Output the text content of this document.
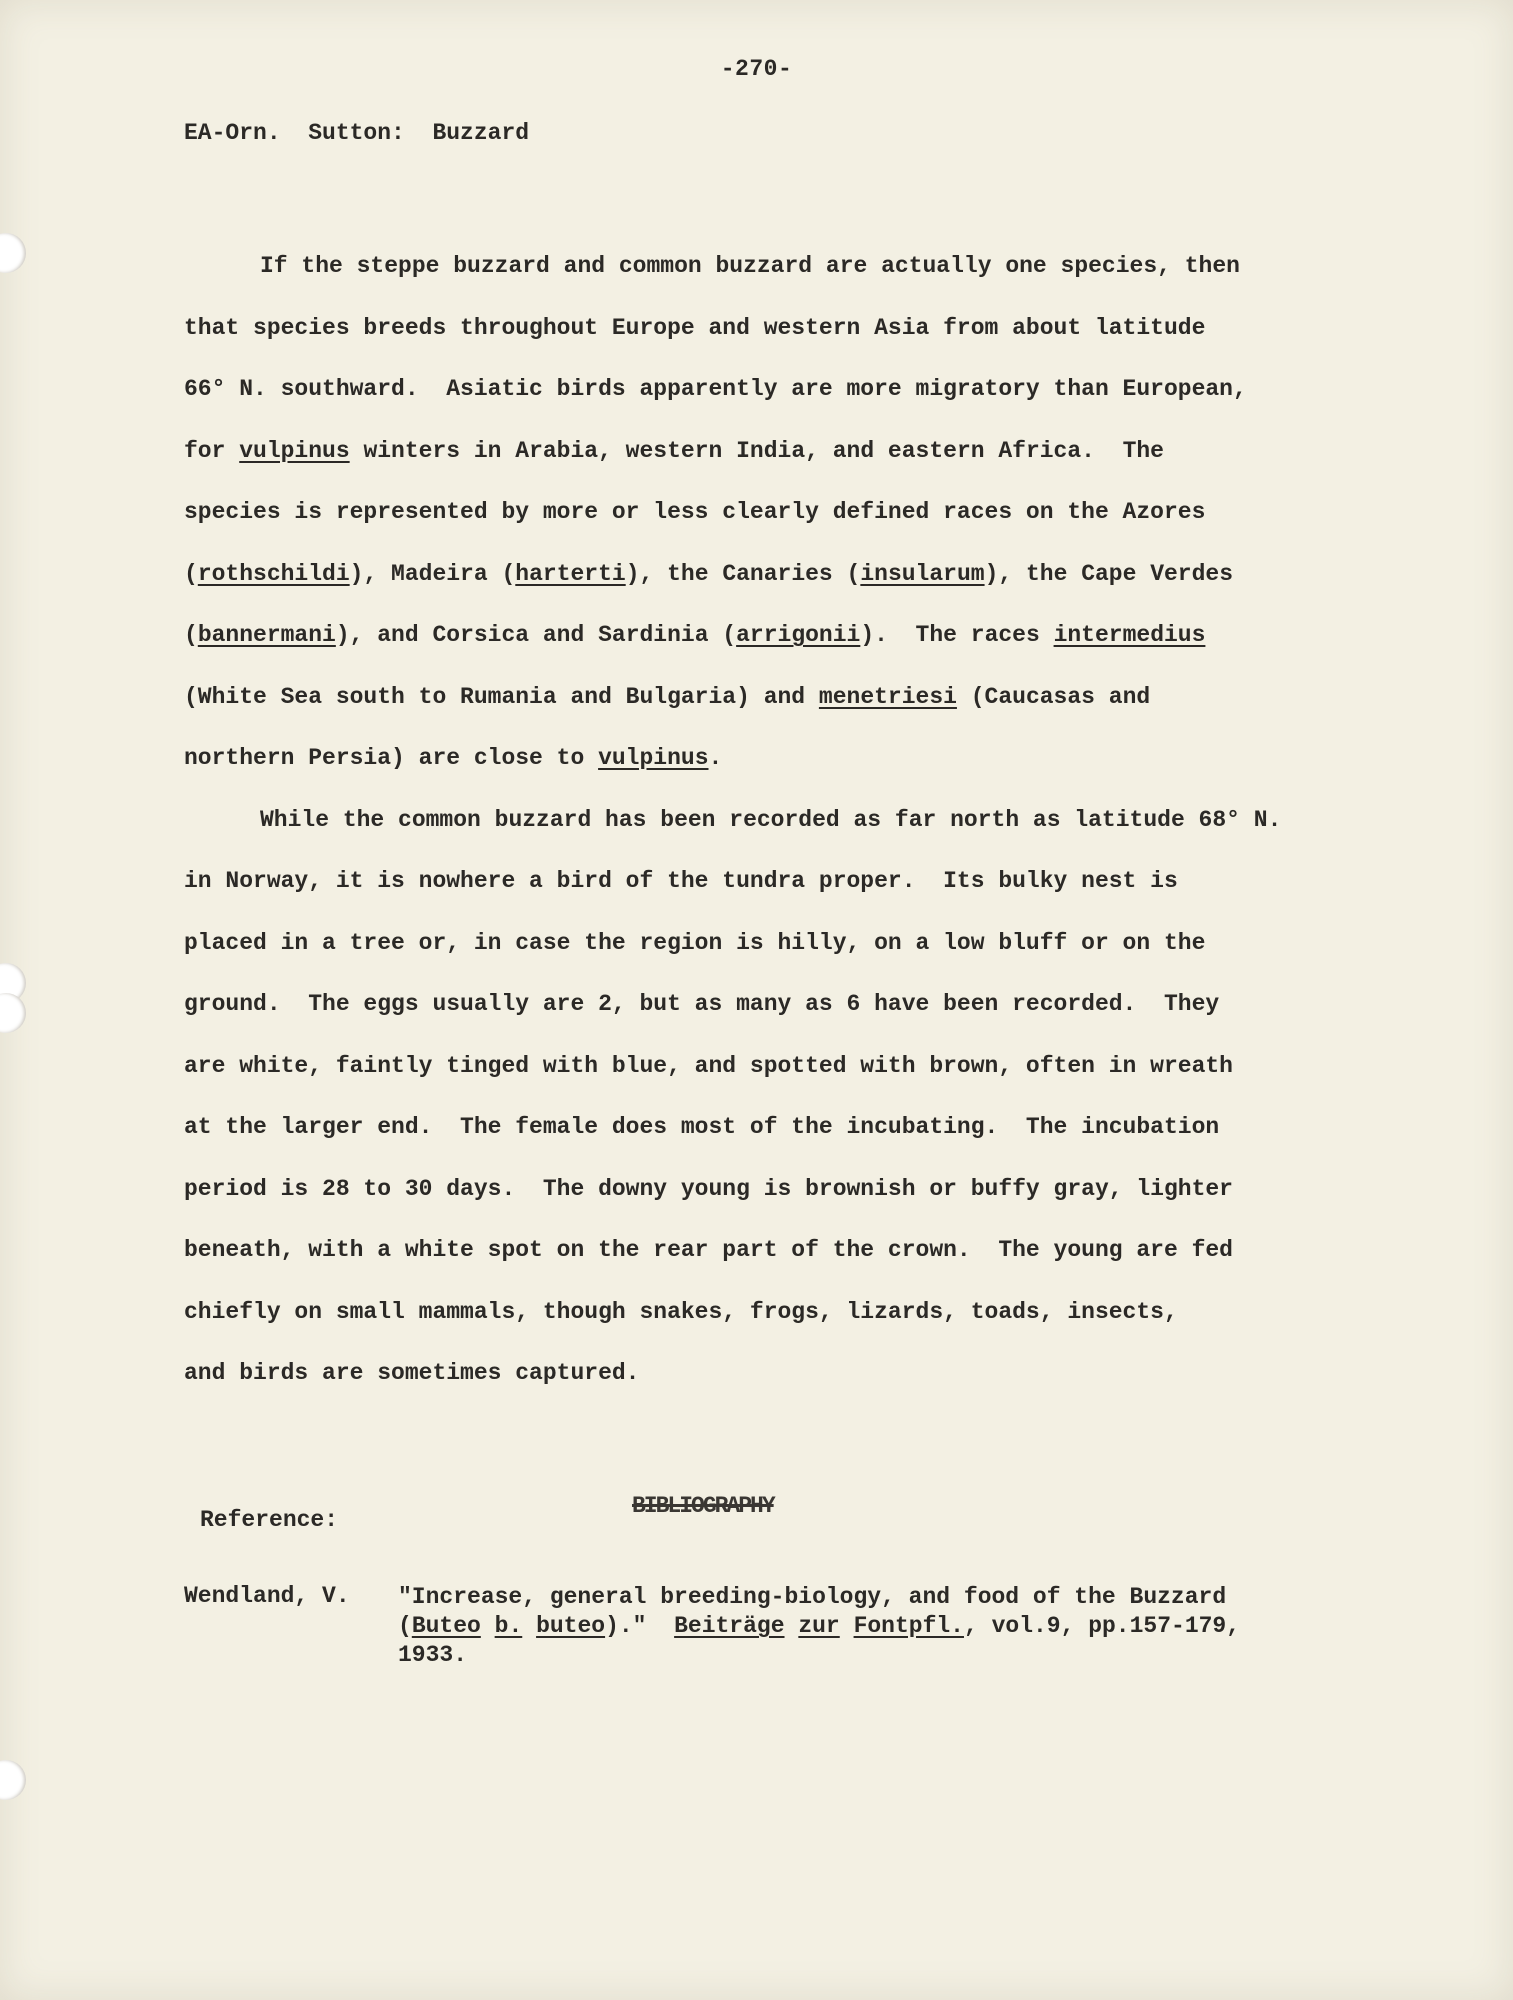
-270-
EA-Orn.  Sutton:  Buzzard
If the steppe buzzard and common buzzard are actually one species, then
that species breeds throughout Europe and western Asia from about latitude
66° N. southward.  Asiatic birds apparently are more migratory than European,
for vulpinus winters in Arabia, western India, and eastern Africa.  The
species is represented by more or less clearly defined races on the Azores
(rothschildi), Madeira (harterti), the Canaries (insularum), the Cape Verdes
(bannermani), and Corsica and Sardinia (arrigonii).  The races intermedius
(White Sea south to Rumania and Bulgaria) and menetriesi (Caucasas and
northern Persia) are close to vulpinus.
While the common buzzard has been recorded as far north as latitude 68° N.
in Norway, it is nowhere a bird of the tundra proper.  Its bulky nest is
placed in a tree or, in case the region is hilly, on a low bluff or on the
ground.  The eggs usually are 2, but as many as 6 have been recorded.  They
are white, faintly tinged with blue, and spotted with brown, often in wreath
at the larger end.  The female does most of the incubating.  The incubation
period is 28 to 30 days.  The downy young is brownish or buffy gray, lighter
beneath, with a white spot on the rear part of the crown.  The young are fed
chiefly on small mammals, though snakes, frogs, lizards, toads, insects,
and birds are sometimes captured.
Reference:
BIBLIOGRAPHY
Wendland, V. "Increase, general breeding-biology, and food of the Buzzard
(Buteo b. buteo)."  Beiträge zur Fontpfl., vol.9, pp.157-179,
1933.
